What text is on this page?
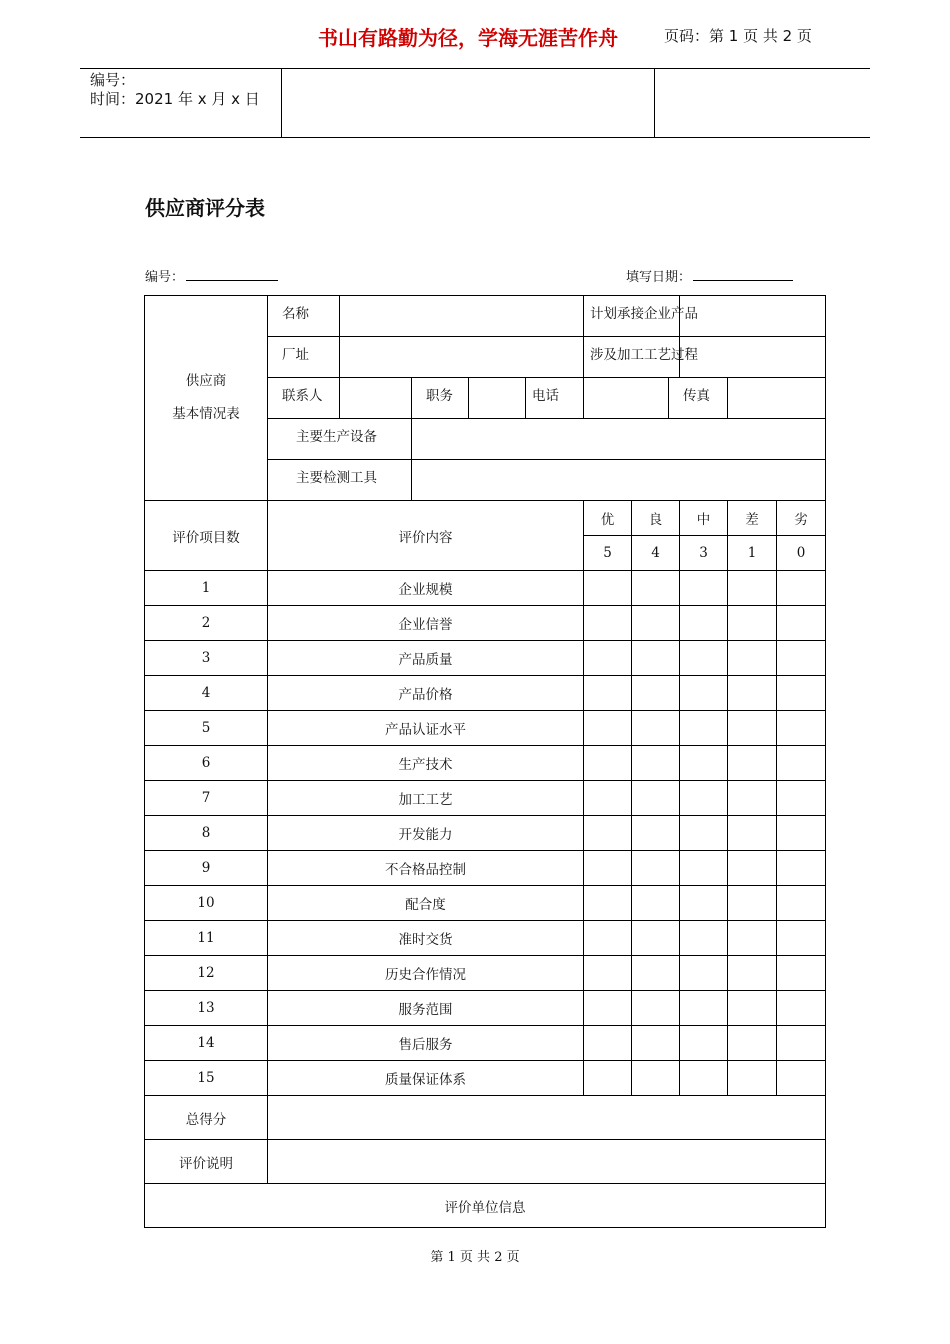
编号：
时间：2021 年 x 月 x 日
书山有路勤为径，学海无涯苦作舟	页码：第 1 页 共 2 页
供应商评分表
编号：	填写日期：
供应商
基本情况表	名称					计划承接企业产品					
	厂址					涉及加工工艺过程					
	联系人		职务		电话			传真			
	主要生产设备										
	主要检测工具										
评价项目数	评价内容					优	良		中	差	劣
						5	4		3	1	0
1	企业规模										
2	企业信誉										
3	产品质量										
4	产品价格										
5	产品认证水平										
6	生产技术										
7	加工工艺										
8	开发能力										
9	不合格品控制										
10	配合度										
11	准时交货										
12	历史合作情况										
13	服务范围										
14	售后服务										
15	质量保证体系										
总得分											
评价说明											
评价单位信息											
第 1 页 共 2 页
